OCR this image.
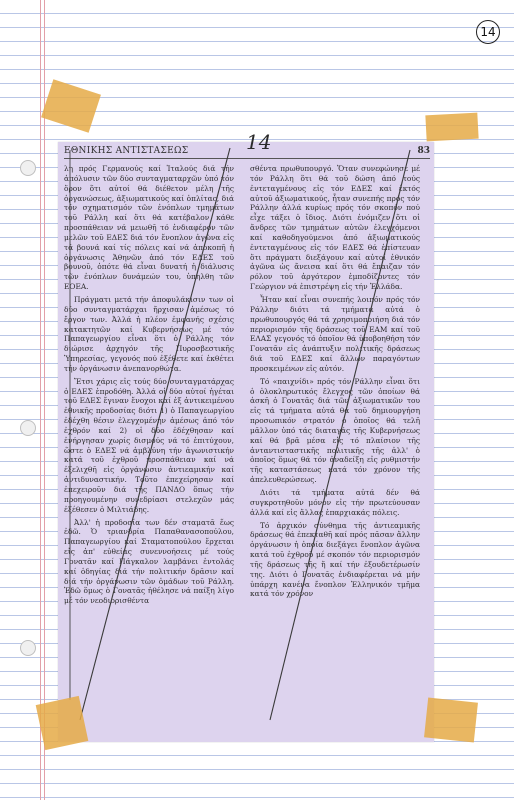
14
ΕΘΝΙΚΗΣ ΑΝΤΙΣΤΑΣΕΩΣ	83
14

λη πρός Γερμανούς καί Ἰταλούς διά τήν ἀπόλυσιν τῶν δύο συνταγματαρχῶν ὑπό τόν ὅρον ὅτι αὐτοί θά διέθετον μέλη τῆς ὀργανώσεως, ἀξιωματικούς καί ὁπλίτας, διά τόν σχηματισμόν τῶν ἐνόπλων τμημάτων τοῦ Ράλλη καί ὅτι θά κατέβαλον κάθε προσπάθειαν νά μειωθῆ τό ἐνδιαφέρον τῶν μελῶν τοῦ ΕΔΕΣ διά τόν ἔνοπλον ἀγῶνα εἰς τά βουνά καί τίς πόλεις καί νά ἀποκοπῆ ἡ ὀργάνωσις Ἀθηνῶν ἀπό τόν ΕΔΕΣ τοῦ βουνοῦ, ὁπότε θά εἶναι δυνατή ἡ διάλυσις τῶν ἐνόπλων δυνάμεών του, ὑπηλθη τῶν ΕΟΕΑ.

Πράγματι μετά τήν ἀποφυλάκισιν των οἱ δύο συνταγματάρχαι ἤρχισαν ἀμέσως τό ἔργον των. Ἀλλά ἡ πλέον ἐμφανής σχέσις κατακτητῶν καί Κυβερνήσεως μέ τόν Παπαγεωργίου εἶναι ὅτι ὁ Ράλλης τόν διώρισε ἀρχηγόν τῆς Πυροσβεστικῆς Ὑπηρεσίας, γεγονός πού ἐξέθετε καί ἐκθέτει τήν ὀργάνωσιν ἀνεπανορθώτα.

Ἔτσι χάρις εἰς τούς δύο συνταγματάρχας ὁ ΕΔΕΣ ἐπροδόθη. Ἀλλά οἱ δύο αὐτοί ἠγέται τοῦ ΕΔΕΣ ἔγιναν ἔνοχοι καί ἐξ ἀντικειμένου ἐθνικῆς προδοσίας διότι 1) ὁ Παπαγεωργίου ἐδέχθη θέσιν ἐλεγχομένην ἀμέσως ἀπό τόν ἐχθρόν καί 2) οἱ δύο ἐδέχθησαν καί ἐνήργησαν χωρίς δισμούς νά τό ἐπιτύχουν, ὥστε ὁ ΕΔΕΣ νά ἀμβλύνη τήν ἀγωνιστικήν κατά τοῦ ἐχθροῦ προσπάθειαν καί νά ἐξελιχθῆ εἰς ὀργάνωσιν ἀντιεαμικήν καί ἀντιδυναστικήν. Τοῦτο ἐπεχείρησαν καί ἐπεχειροῦν διά τῆς ΠΑΝΔΟ ὅπως τήν προηγουμένην συνεδρίασι στελεχῶν μάς ἐξέθεσεν ὁ Μιλτιάδης.

Ἀλλ' ἡ προδοσία των δέν σταματᾶ ἕως ἐδῶ. Ὁ τριανδρία Παπαθανασοπούλου, Παπαγεωργίου καί Σταματοπούλου ἔρχεται εἰς ἀπ' εὐθείας συνεννοήσεις μέ τούς Γονατᾶν καί Πάγκαλον λαμβάνει ἐντολάς καί ὁδηγίας διά τήν πολιτικήν δρᾶσιν καί διά τήν ὀργάνωσιν τῶν ὁμάδων τοῦ Ράλλη. Ἐδῶ ὅμως ὁ Γονατᾶς ἠθέλησε νά παίξη λίγο μέ τόν νεοδιορισθέντα

σθέντα πρωθυπουργό. Ὅταν συνεφώνησε μέ τόν Ράλλη ὅτι θά τοῦ δώση ἀπό τούς ἐντεταγμένους εἰς τόν ΕΔΕΣ καί ἐκτός αὐτοῦ ἀξιωματικούς, ἦταν συνεπής πρός τόν Ράλλην ἀλλά κυρίως πρός τόν σκοπόν πού εἶχε τάξει ὁ ἴδιος. Διότι ἐνόμιζεν ὅτι οἱ ἄνδρες τῶν τμημάτων αὐτῶν ἐλεγχόμενοι καί καθοδηγούμενοι ἀπό ἀξιωματικούς ἐντεταγμένους εἰς τόν ΕΔΕΣ θά ἐπίστευαν ὅτι πράγματι διεξάγουν καί αὐτοί ἐθνικόν ἀγῶνα ὡς ἄνεισα καί ὅτι θά ἔπαιζαν τόν ρόλον τοῦ ἀργότερον ἐμποδίζοντες τόν Γεώργιον νά ἐπιστρέψη εἰς τήν Ἑλλάδα.

Ἦταν καί εἶναι συνεπής λοιπόν πρός τόν Ράλλην διότι τά τμήματα αὐτά ὁ πρωθυπουργός θά τά χρησιμοποιήση διά τόν περιορισμόν τῆς δράσεως τοῦ ΕΑΜ καί τοῦ ΕΛΑΣ γεγονός τό ὁποῖον θά ὑποβοηθήση τόν Γονατᾶν εἰς ἀνάπτυξιν πολιτικῆς δράσεως διά τοῦ ΕΔΕΣ καί ἄλλων παραγόντων προσκειμένων εἰς αὐτόν.

Τό «παιχνίδι» πρός τόν Ράλλην εἶναι ὅτι ὁ ὁλοκληρωτικός ἔλεγχος τῶν ὁποίων θά ἀσκῆ ὁ Γονατᾶς διά τῶν ἀξιωματικῶν του εἰς τά τμήματα αὐτά θά τοῦ δημιουργήση προσωπικόν στρατόν ὁ ὁποῖος θά τελῆ μᾶλλον ὑπό τάς διαταγάς τῆς Κυβερνήσεως καί θά βρᾶ μέσα εἰς τό πλαίσιον τῆς ἀνταντισταστικῆς πολιτικῆς τῆς ἀλλ' ὁ ὁποῖος ὅμως θά τόν ἀναδείξη εἰς ρυθμιστήν τῆς καταστάσεως κατά τόν χρόνον τῆς ἀπελευθερώσεως.

Διότι τά τμήματα αὐτά δέν θά συγκροτηθοῦν μόνον εἰς τήν πρωτεύουσαν ἀλλά καί εἰς ἄλλας ἐπαρχιακάς πόλεις.

Τό ἀρχικόν σύνθημα τῆς ἀντιεαμικῆς δράσεως θά ἐπεκταθῆ καί πρός πᾶσαν ἄλλην ὀργάνωσιν ἡ ὁποία διεξάγει ἔνοπλον ἀγῶνα κατά τοῦ ἐχθροῦ μέ σκοπόν τόν περιορισμόν τῆς δράσεως τῆς ἤ καί τήν ἐξουδετέρωσίν της. Διότι ὁ Γονατᾶς ἐνδιαφέρεται νά μήν ὑπάρχη κανένα ἔνοπλον Ἑλληνικόν τμῆμα κατά τόν χρόνον
